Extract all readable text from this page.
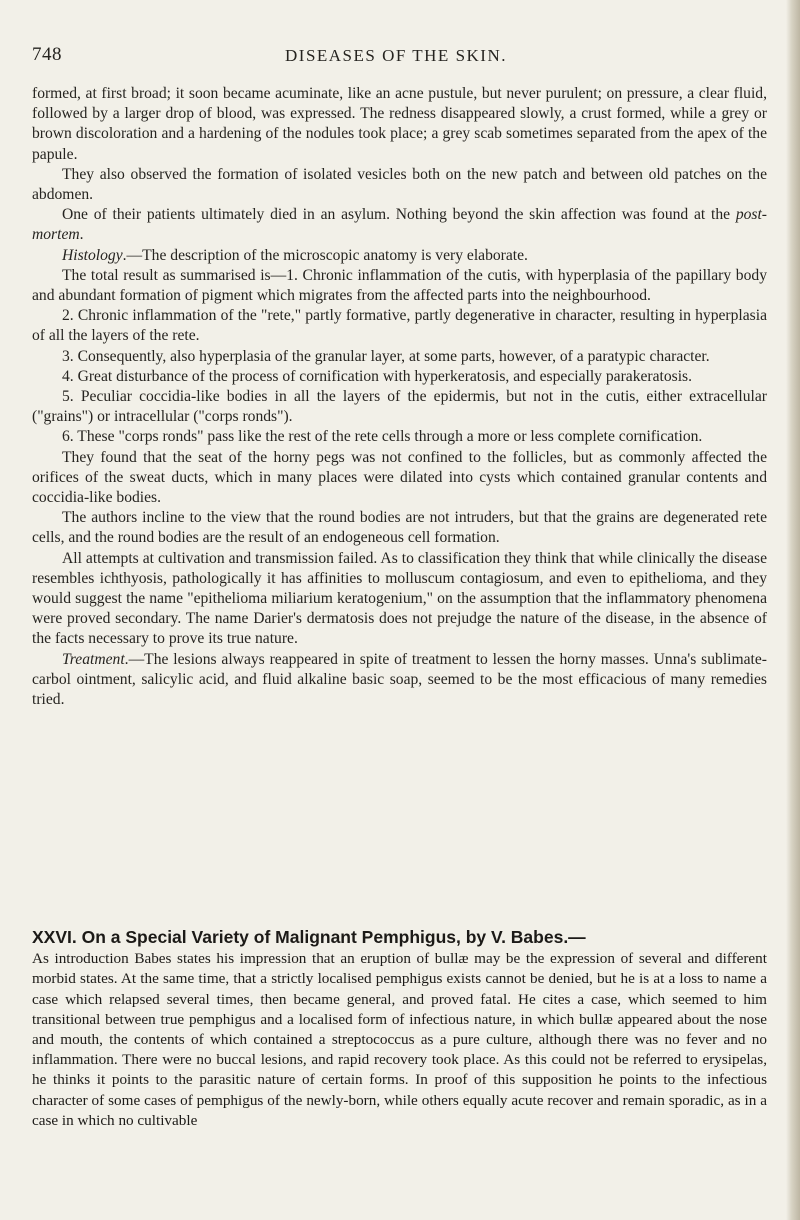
748	DISEASES OF THE SKIN.

formed, at first broad; it soon became acuminate, like an acne pustule, but never purulent; on pressure, a clear fluid, followed by a larger drop of blood, was expressed. The redness disappeared slowly, a crust formed, while a grey or brown discoloration and a hardening of the nodules took place; a grey scab sometimes separated from the apex of the papule.

They also observed the formation of isolated vesicles both on the new patch and between old patches on the abdomen.

One of their patients ultimately died in an asylum. Nothing beyond the skin affection was found at the post-mortem.

Histology.—The description of the microscopic anatomy is very elaborate.

The total result as summarised is—1. Chronic inflammation of the cutis, with hyperplasia of the papillary body and abundant formation of pigment which migrates from the affected parts into the neighbourhood.

2. Chronic inflammation of the "rete," partly formative, partly degenerative in character, resulting in hyperplasia of all the layers of the rete.

3. Consequently, also hyperplasia of the granular layer, at some parts, however, of a paratypic character.

4. Great disturbance of the process of cornification with hyperkeratosis, and especially parakeratosis.

5. Peculiar coccidia-like bodies in all the layers of the epidermis, but not in the cutis, either extracellular ("grains") or intracellular ("corps ronds").

6. These "corps ronds" pass like the rest of the rete cells through a more or less complete cornification.

They found that the seat of the horny pegs was not confined to the follicles, but as commonly affected the orifices of the sweat ducts, which in many places were dilated into cysts which contained granular contents and coccidia-like bodies.

The authors incline to the view that the round bodies are not intruders, but that the grains are degenerated rete cells, and the round bodies are the result of an endogeneous cell formation.

All attempts at cultivation and transmission failed. As to classification they think that while clinically the disease resembles ichthyosis, pathologically it has affinities to molluscum contagiosum, and even to epithelioma, and they would suggest the name "epithelioma miliarium keratogenium," on the assumption that the inflammatory phenomena were proved secondary. The name Darier's dermatosis does not prejudge the nature of the disease, in the absence of the facts necessary to prove its true nature.

Treatment.—The lesions always reappeared in spite of treatment to lessen the horny masses. Unna's sublimate-carbol ointment, salicylic acid, and fluid alkaline basic soap, seemed to be the most efficacious of many remedies tried.

XXVI. On a Special Variety of Malignant Pemphigus, by V. Babes.—

As introduction Babes states his impression that an eruption of bullæ may be the expression of several and different morbid states. At the same time, that a strictly localised pemphigus exists cannot be denied, but he is at a loss to name a case which relapsed several times, then became general, and proved fatal. He cites a case, which seemed to him transitional between true pemphigus and a localised form of infectious nature, in which bullæ appeared about the nose and mouth, the contents of which contained a streptococcus as a pure culture, although there was no fever and no inflammation. There were no buccal lesions, and rapid recovery took place. As this could not be referred to erysipelas, he thinks it points to the parasitic nature of certain forms. In proof of this supposition he points to the infectious character of some cases of pemphigus of the newly-born, while others equally acute recover and remain sporadic, as in a case in which no cultivable
